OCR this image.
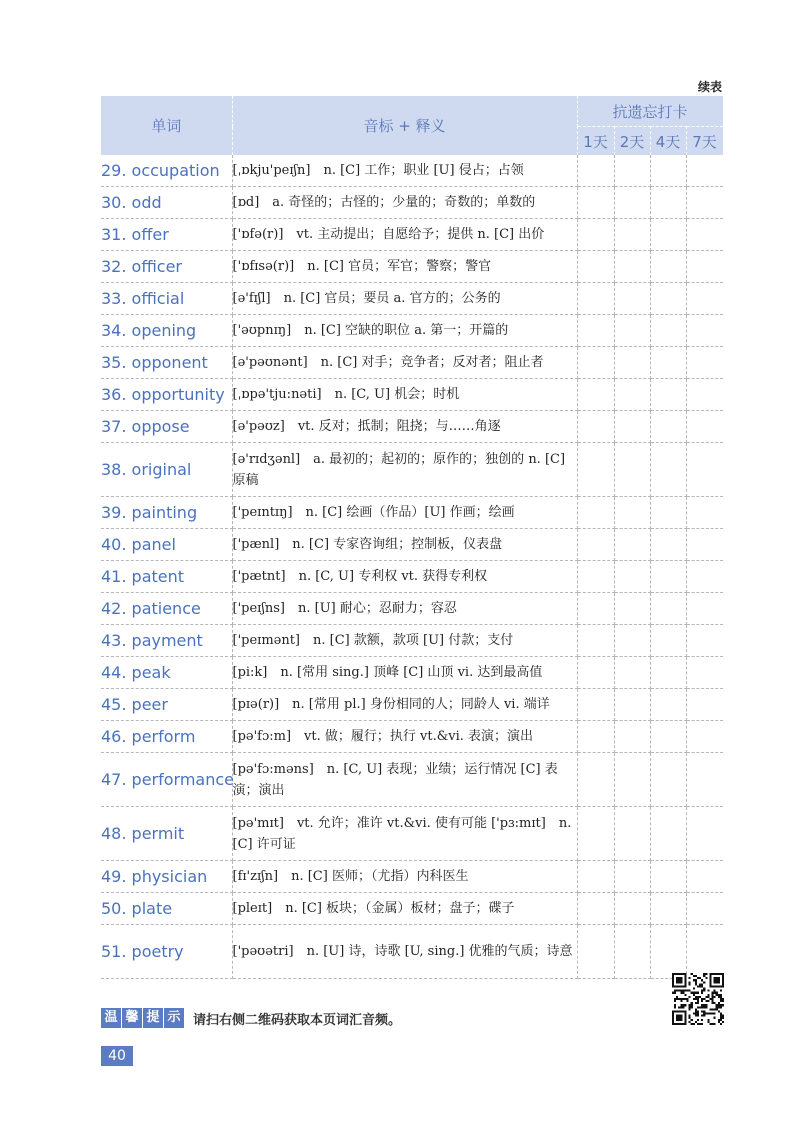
续表
单词	音标 + 释义	抗遗忘打卡			
		1天	2天	4天	7天
29. occupation	[ˌɒkju'peɪʃn]　n. [C] 工作；职业 [U] 侵占；占领				
30. odd	[ɒd]　a. 奇怪的；古怪的；少量的；奇数的；单数的				
31. offer	['ɒfə(r)]　vt. 主动提出；自愿给予；提供 n. [C] 出价				
32. officer	['ɒfɪsə(r)]　n. [C] 官员；军官；警察；警官				
33. official	[ə'fɪʃl]　n. [C] 官员；要员 a. 官方的；公务的				
34. opening	['əʊpnɪŋ]　n. [C] 空缺的职位 a. 第一；开篇的				
35. opponent	[ə'pəʊnənt]　n. [C] 对手；竞争者；反对者；阻止者				
36. opportunity	[ˌɒpə'tju:nəti]　n. [C, U] 机会；时机				
37. oppose	[ə'pəʊz]　vt. 反对；抵制；阻挠；与……角逐				
38. original	[ə'rɪdʒənl]　a. 最初的；起初的；原作的；独创的 n. [C] 原稿				
39. painting	['peɪntɪŋ]　n. [C] 绘画（作品）[U] 作画；绘画				
40. panel	['pænl]　n. [C] 专家咨询组；控制板，仪表盘				
41. patent	['pætnt]　n. [C, U] 专利权 vt. 获得专利权				
42. patience	['peɪʃns]　n. [U] 耐心；忍耐力；容忍				
43. payment	['peɪmənt]　n. [C] 款额，款项 [U] 付款；支付				
44. peak	[pi:k]　n. [常用 sing.] 顶峰 [C] 山顶 vi. 达到最高值				
45. peer	[pɪə(r)]　n. [常用 pl.] 身份相同的人；同龄人 vi. 端详				
46. perform	[pə'fɔ:m]　vt. 做；履行；执行 vt.&vi. 表演；演出				
47. performance	[pə'fɔ:məns]　n. [C, U] 表现；业绩；运行情况 [C] 表演；演出				
48. permit	[pə'mɪt]　vt. 允许；准许 vt.&vi. 使有可能 ['pɜ:mɪt]　n. [C] 许可证				
49. physician	[fɪ'zɪʃn]　n. [C] 医师；（尤指）内科医生				
50. plate	[pleɪt]　n. [C] 板块；（金属）板材；盘子；碟子				
51. poetry	['pəʊətri]　n. [U] 诗，诗歌 [U, sing.] 优雅的气质；诗意				
温 馨 提 示 请扫右侧二维码获取本页词汇音频。
40
